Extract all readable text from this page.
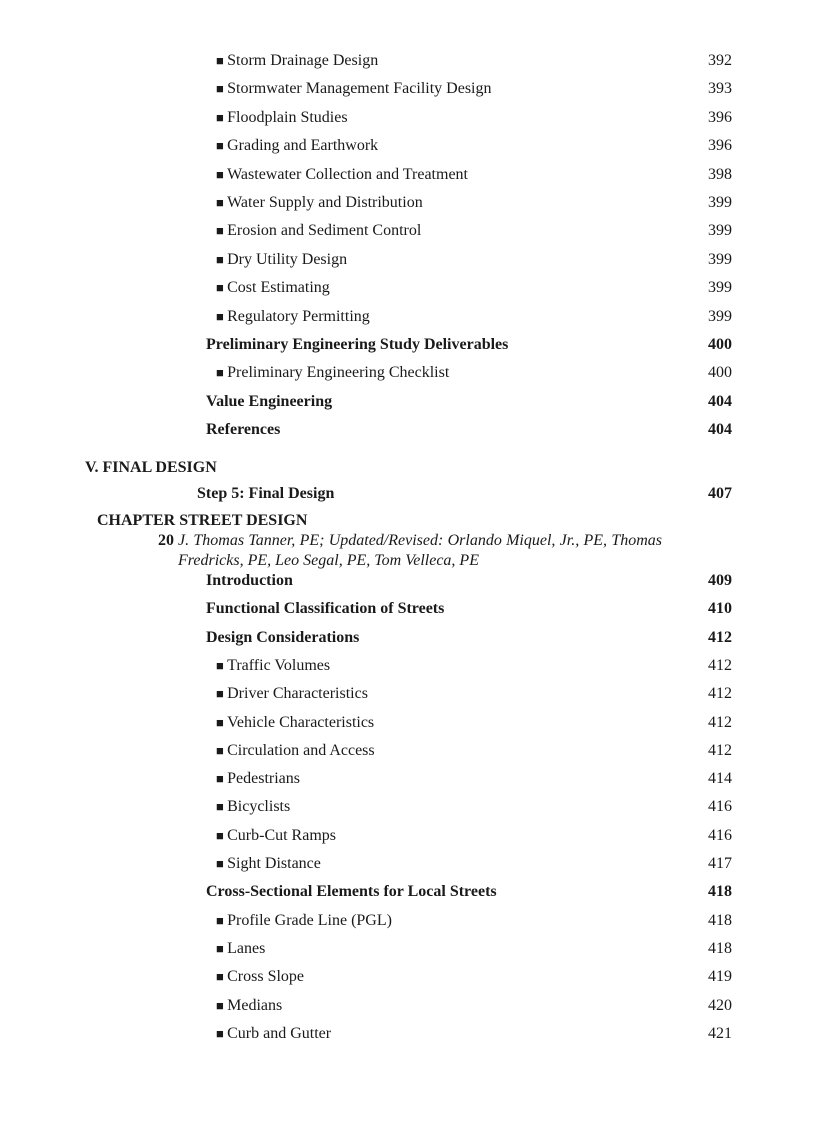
■ Storm Drainage Design	392
■ Stormwater Management Facility Design	393
■ Floodplain Studies	396
■ Grading and Earthwork	396
■ Wastewater Collection and Treatment	398
■ Water Supply and Distribution	399
■ Erosion and Sediment Control	399
■ Dry Utility Design	399
■ Cost Estimating	399
■ Regulatory Permitting	399
Preliminary Engineering Study Deliverables	400
■ Preliminary Engineering Checklist	400
Value Engineering	404
References	404
V. FINAL DESIGN
Step 5: Final Design	407
CHAPTER STREET DESIGN
20 J. Thomas Tanner, PE; Updated/Revised: Orlando Miquel, Jr., PE, Thomas Fredricks, PE, Leo Segal, PE, Tom Velleca, PE
Introduction	409
Functional Classification of Streets	410
Design Considerations	412
■ Traffic Volumes	412
■ Driver Characteristics	412
■ Vehicle Characteristics	412
■ Circulation and Access	412
■ Pedestrians	414
■ Bicyclists	416
■ Curb-Cut Ramps	416
■ Sight Distance	417
Cross-Sectional Elements for Local Streets	418
■ Profile Grade Line (PGL)	418
■ Lanes	418
■ Cross Slope	419
■ Medians	420
■ Curb and Gutter	421
